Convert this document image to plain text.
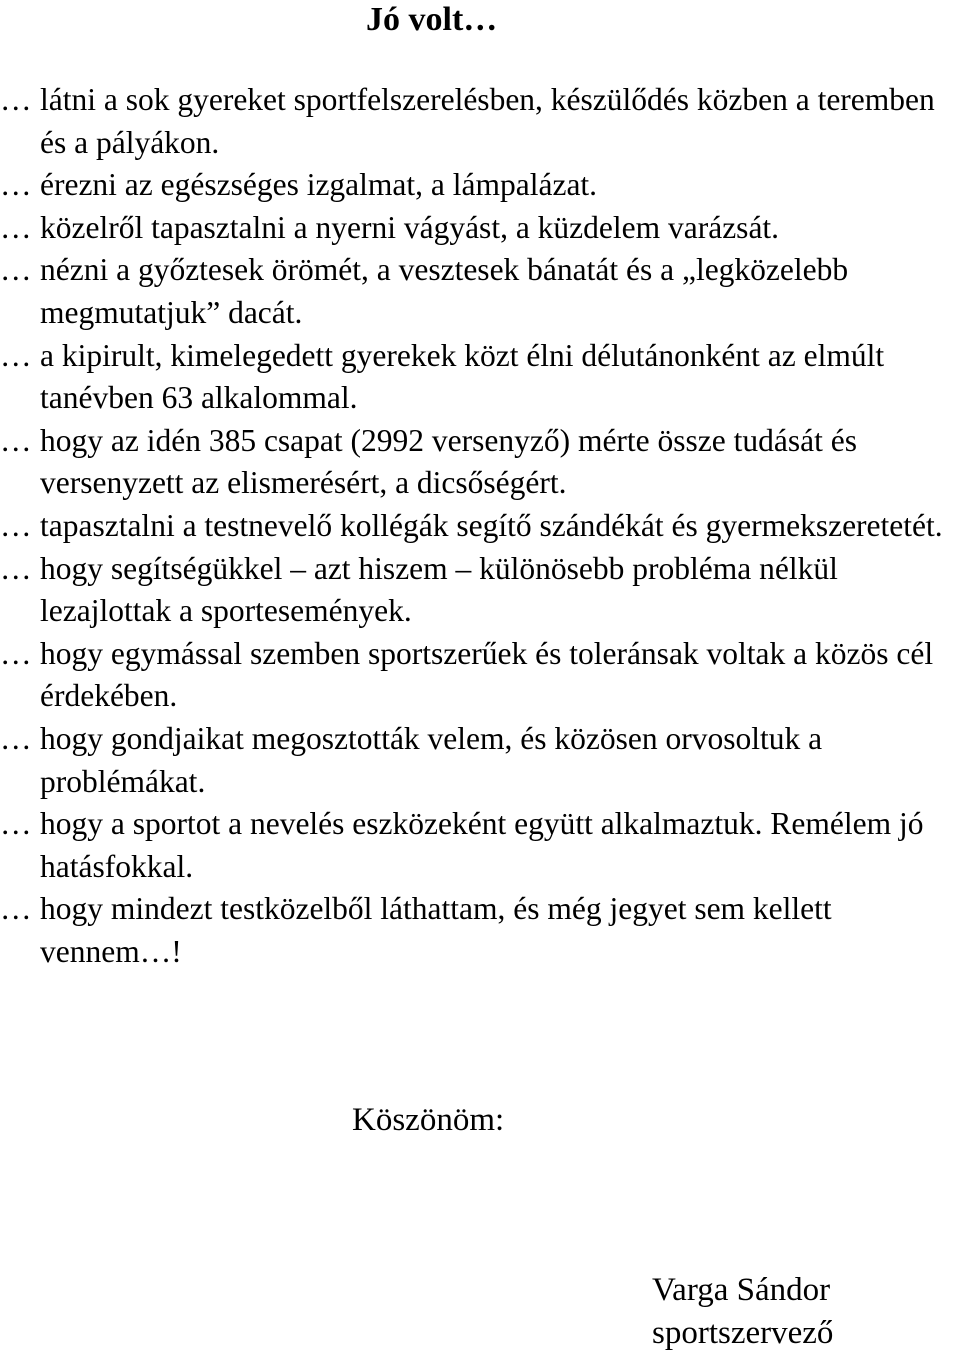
Jó volt…
… látni a sok gyereket sportfelszerelésben, készülődés közben a teremben és a pályákon.
… érezni az egészséges izgalmat, a lámpalázat.
… közelről tapasztalni a nyerni vágyást, a küzdelem varázsát.
… nézni a győztesek örömét, a vesztesek bánatát és a „legközelebb megmutatjuk” dacát.
… a kipirult, kimelegedett gyerekek közt élni délutánonként az elmúlt tanévben 63 alkalommal.
… hogy az idén 385 csapat (2992 versenyző) mérte össze tudását és versenyzett az elismerésért, a dicsőségért.
… tapasztalni a testnevelő kollégák segítő szándékát és gyermekszeretetét.
… hogy segítségükkel – azt hiszem – különösebb probléma nélkül lezajlottak a sportesemények.
… hogy egymással szemben sportszerűek és toleránsak voltak a közös cél érdekében.
… hogy gondjaikat megosztották velem, és közösen orvosoltuk a problémákat.
… hogy a sportot a nevelés eszközeként együtt alkalmaztuk. Remélem jó hatásfokkal.
… hogy mindezt testközelből láthattam, és még jegyet sem kellett vennem…!
Köszönöm:
Varga Sándor
sportszervező
